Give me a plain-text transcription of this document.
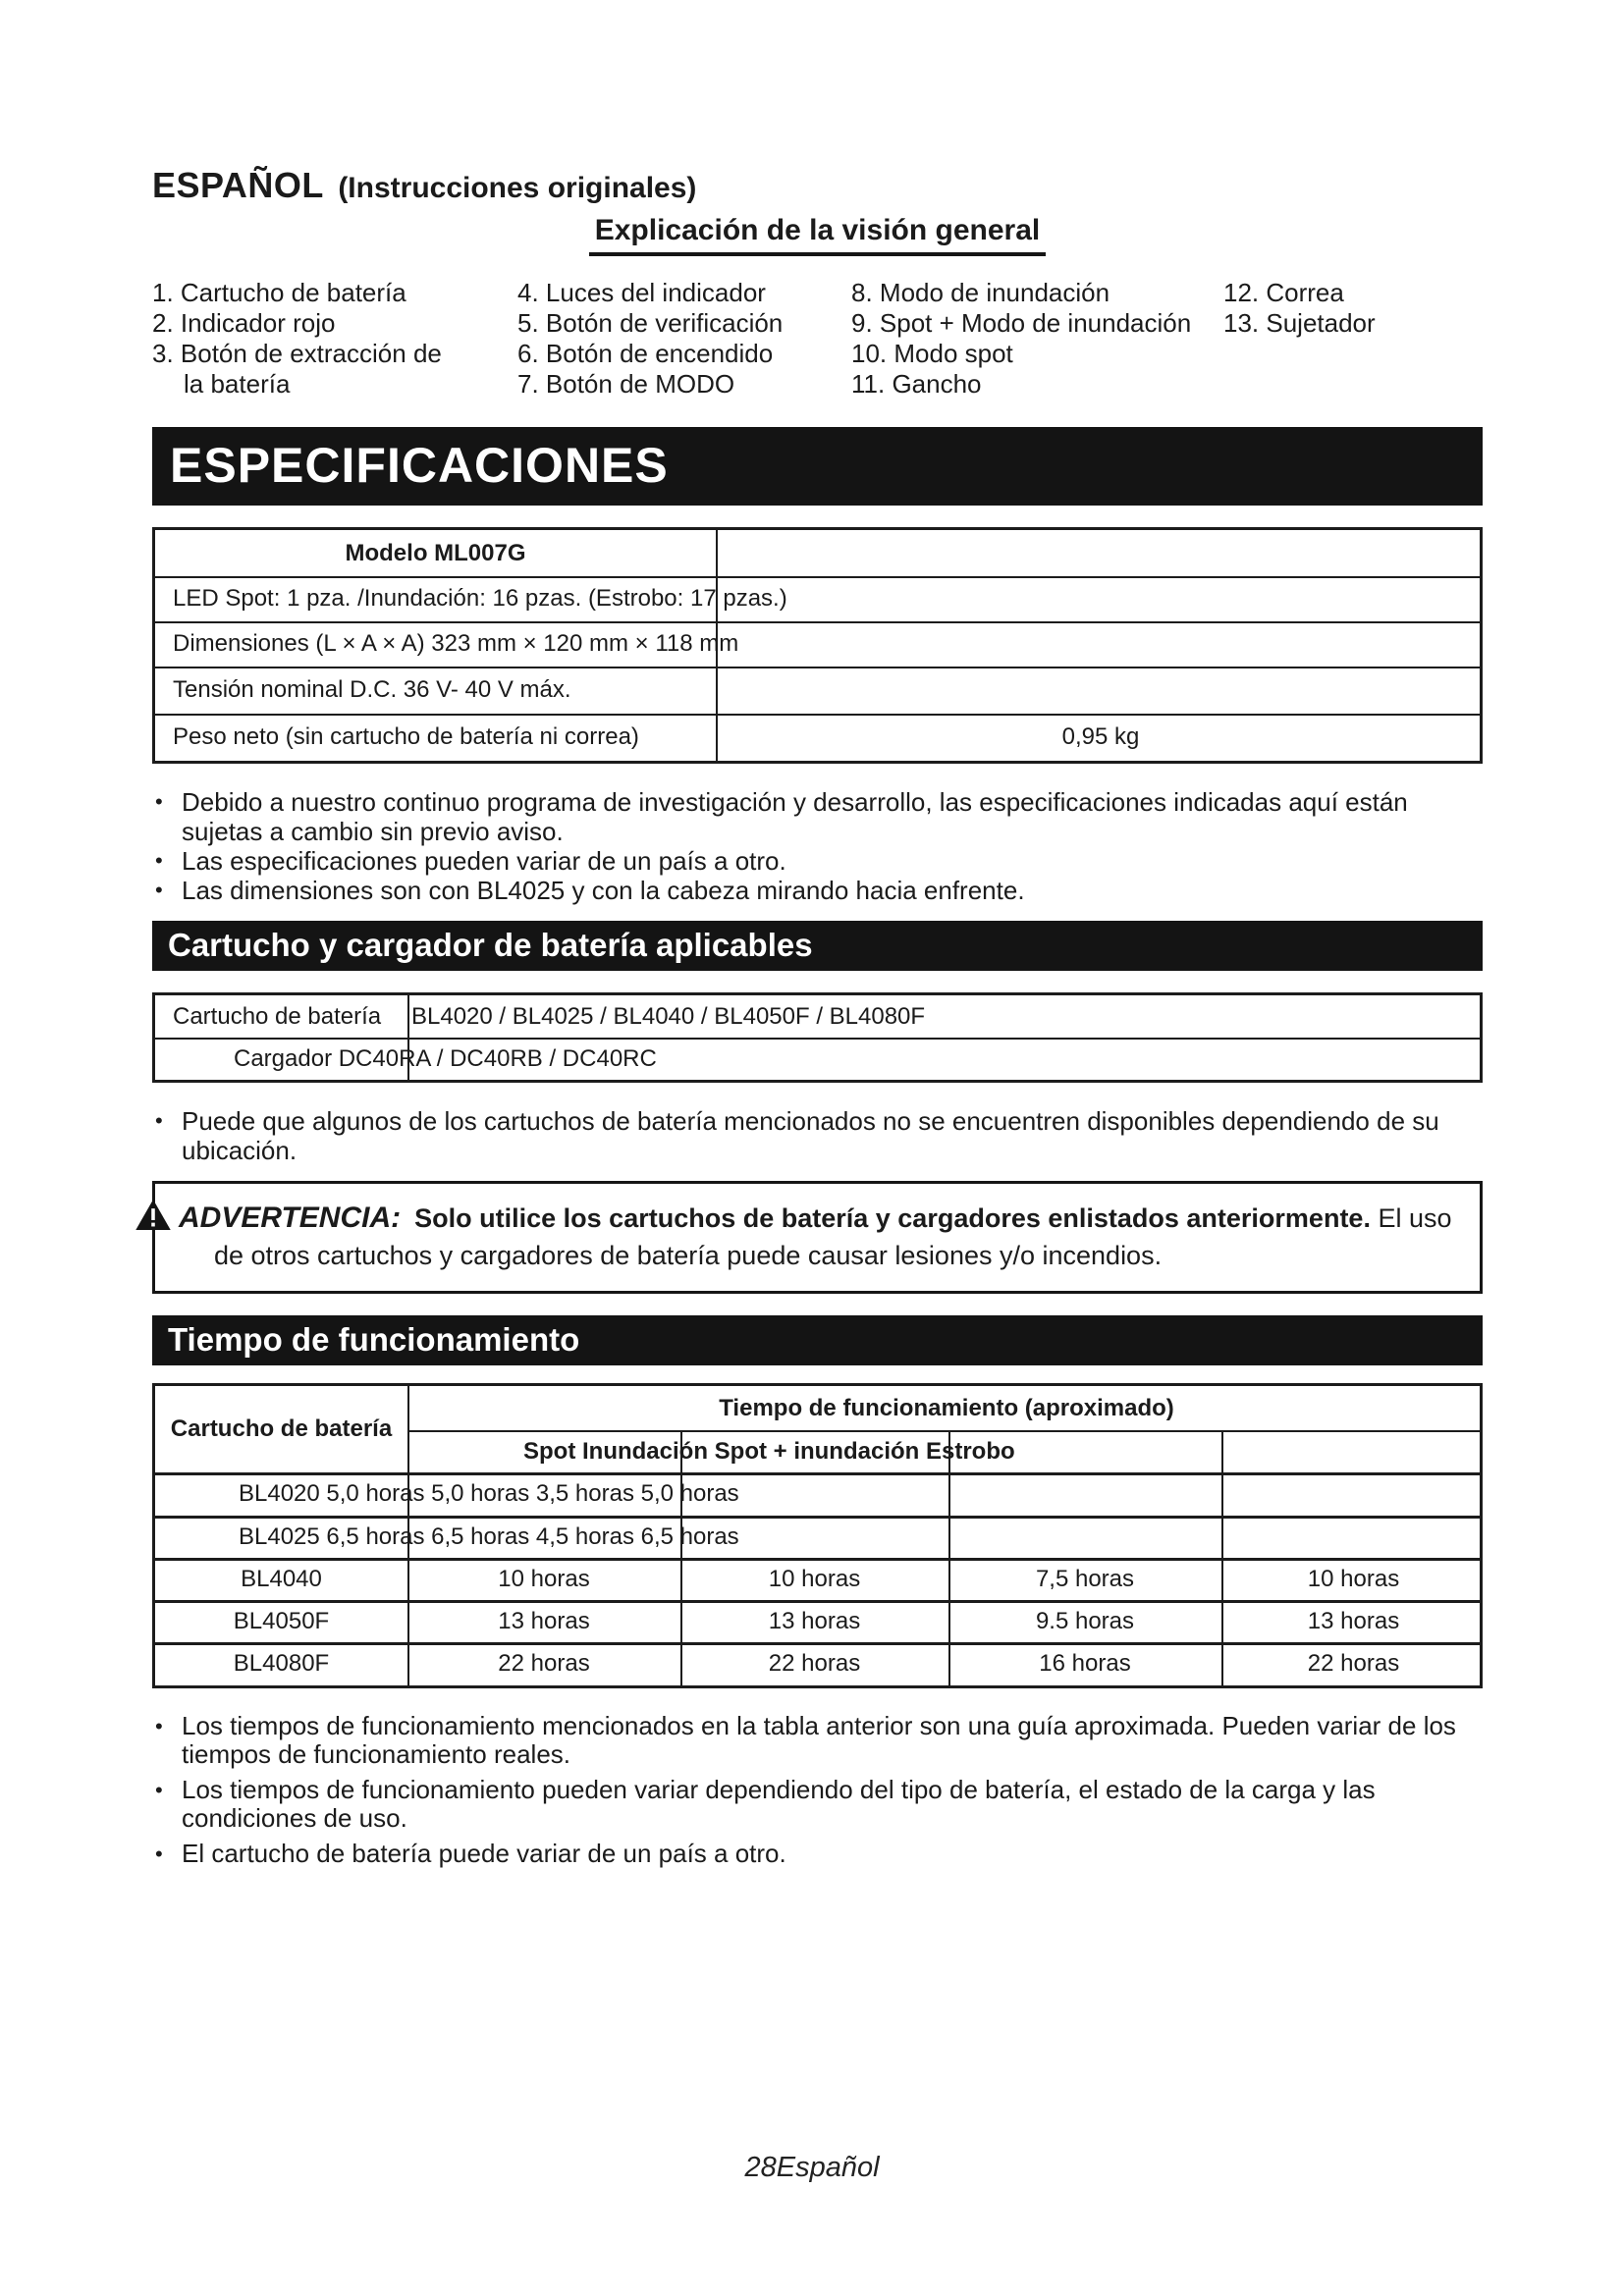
ESPAÑOL (Instrucciones originales)
Explicación de la visión general
1. Cartucho de batería
2. Indicador rojo
3. Botón de extracción de
la batería
4. Luces del indicador
5. Botón de verificación
6. Botón de encendido
7. Botón de MODO
8. Modo de inundación
9. Spot + Modo de inundación
10. Modo spot
11. Gancho
12. Correa
13. Sujetador
ESPECIFICACIONES
Modelo ML007G
LED Spot: 1 pza. /Inundación: 16 pzas. (Estrobo: 17 pzas.)
Dimensiones (L × A × A) 323 mm × 120 mm × 118 mm
Tensión nominal D.C. 36 V- 40 V máx.
Peso neto (sin cartucho de batería ni correa)	0,95 kg
• Debido a nuestro continuo programa de investigación y desarrollo, las especificaciones indicadas aquí están sujetas a cambio sin previo aviso.
• Las especificaciones pueden variar de un país a otro.
• Las dimensiones son con BL4025 y con la cabeza mirando hacia enfrente.
Cartucho y cargador de batería aplicables
Cartucho de batería BL4020 / BL4025 / BL4040 / BL4050F / BL4080F
Cargador DC40RA / DC40RB / DC40RC
• Puede que algunos de los cartuchos de batería mencionados no se encuentren disponibles dependiendo de su ubicación.

ADVERTENCIA: Solo utilice los cartuchos de batería y cargadores enlistados anteriormente. El uso de otros cartuchos y cargadores de batería puede causar lesiones y/o incendios.

Tiempo de funcionamiento
Cartucho de batería
Tiempo de funcionamiento (aproximado)
Spot Inundación Spot + inundación Estrobo
BL4020 5,0 horas 5,0 horas 3,5 horas 5,0 horas
BL4025 6,5 horas 6,5 horas 4,5 horas 6,5 horas
BL4040	10 horas	10 horas	7,5 horas	10 horas
BL4050F	13 horas	13 horas	9.5 horas	13 horas
BL4080F	22 horas	22 horas	16 horas	22 horas
• Los tiempos de funcionamiento mencionados en la tabla anterior son una guía aproximada. Pueden variar de los tiempos de funcionamiento reales.
• Los tiempos de funcionamiento pueden variar dependiendo del tipo de batería, el estado de la carga y las condiciones de uso.
• El cartucho de batería puede variar de un país a otro.
28Español
